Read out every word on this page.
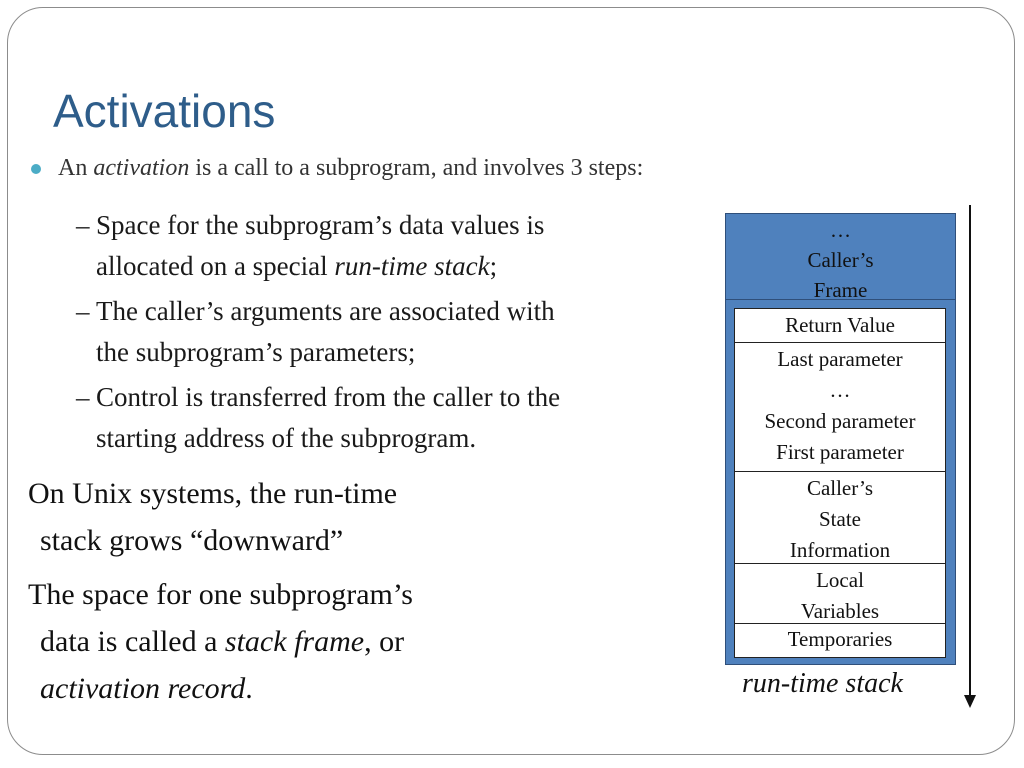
Activations
An activation is a call to a subprogram, and involves 3 steps:
– Space for the subprogram’s data values is
allocated on a special run-time stack;
– The caller’s arguments are associated with
the subprogram’s parameters;
– Control is transferred from the caller to the
starting address of the subprogram.
On Unix systems, the run-time
stack grows “downward”
The space for one subprogram’s
data is called a stack frame, or
activation record.
…
Caller’s
Frame
Return Value
Last parameter
…
Second parameter
First parameter
Caller’s
State
Information
Local
Variables
Temporaries
run-time stack
